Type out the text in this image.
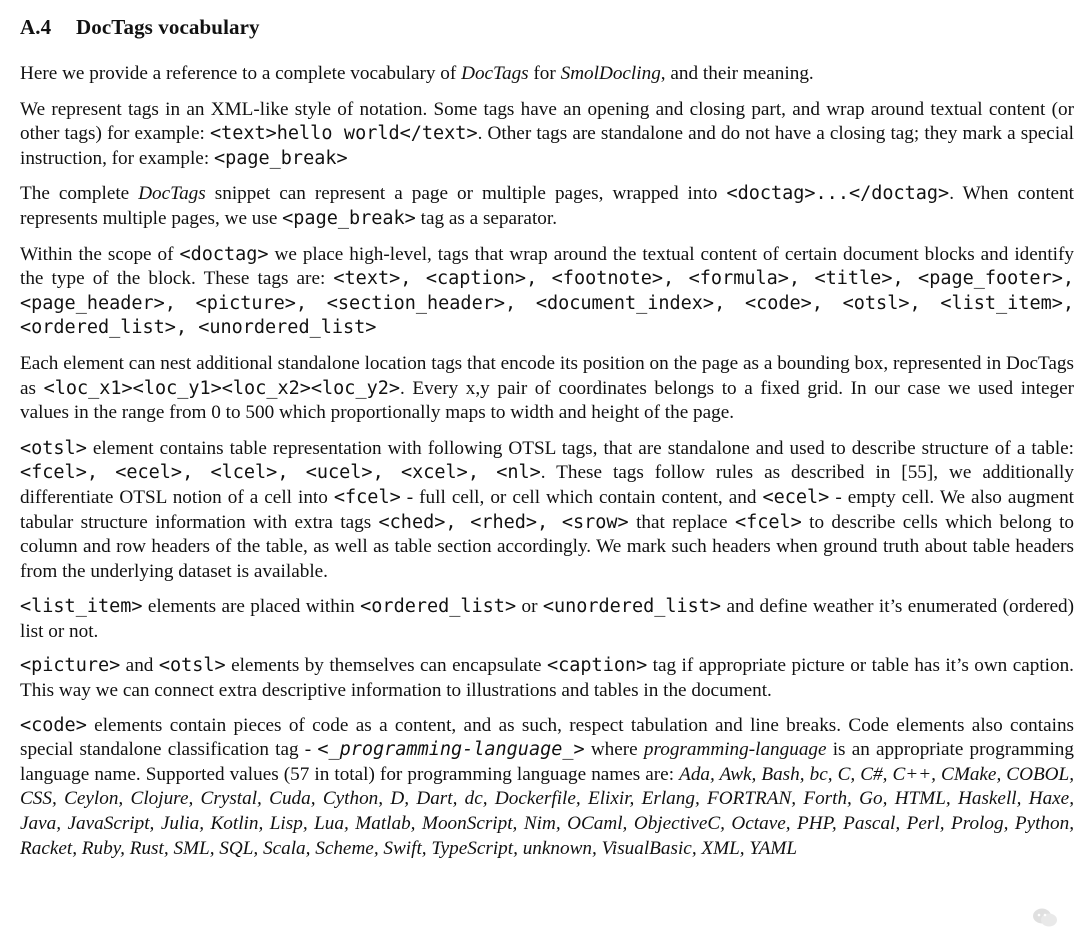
A.4 DocTags vocabulary

Here we provide a reference to a complete vocabulary of DocTags for SmolDocling, and their meaning.

We represent tags in an XML-like style of notation. Some tags have an opening and closing part, and wrap around textual content (or other tags) for example: <text>hello world</text>. Other tags are standalone and do not have a closing tag; they mark a special instruction, for example: <page_break>

The complete DocTags snippet can represent a page or multiple pages, wrapped into <doctag>...</doctag>. When content represents multiple pages, we use <page_break> tag as a separator.

Within the scope of <doctag> we place high-level, tags that wrap around the textual content of certain document blocks and identify the type of the block. These tags are: <text>, <caption>, <footnote>, <formula>, <title>, <page_footer>, <page_header>, <picture>, <section_header>, <document_index>, <code>, <otsl>, <list_item>, <ordered_list>, <unordered_list>

Each element can nest additional standalone location tags that encode its position on the page as a bounding box, represented in DocTags as <loc_x1><loc_y1><loc_x2><loc_y2>. Every x,y pair of coordinates belongs to a fixed grid. In our case we used integer values in the range from 0 to 500 which proportionally maps to width and height of the page.

<otsl> element contains table representation with following OTSL tags, that are standalone and used to describe structure of a table: <fcel>, <ecel>, <lcel>, <ucel>, <xcel>, <nl>. These tags follow rules as described in [55], we additionally differentiate OTSL notion of a cell into <fcel> - full cell, or cell which contain content, and <ecel> - empty cell. We also augment tabular structure information with extra tags <ched>, <rhed>, <srow> that replace <fcel> to describe cells which belong to column and row headers of the table, as well as table section accordingly. We mark such headers when ground truth about table headers from the underlying dataset is available.

<list_item> elements are placed within <ordered_list> or <unordered_list> and define weather it’s enumerated (ordered) list or not.

<picture> and <otsl> elements by themselves can encapsulate <caption> tag if appropriate picture or table has it’s own caption. This way we can connect extra descriptive information to illustrations and tables in the document.

<code> elements contain pieces of code as a content, and as such, respect tabulation and line breaks. Code elements also contains special standalone classification tag - <_programming-language_> where programming-language is an appropriate programming language name. Supported values (57 in total) for programming language names are: Ada, Awk, Bash, bc, C, C#, C++, CMake, COBOL, CSS, Ceylon, Clojure, Crystal, Cuda, Cython, D, Dart, dc, Dockerfile, Elixir, Erlang, FORTRAN, Forth, Go, HTML, Haskell, Haxe, Java, JavaScript, Julia, Kotlin, Lisp, Lua, Matlab, MoonScript, Nim, OCaml, ObjectiveC, Octave, PHP, Pascal, Perl, Prolog, Python, Racket, Ruby, Rust, SML, SQL, Scala, Scheme, Swift, TypeScript, unknown, VisualBasic, XML, YAML
